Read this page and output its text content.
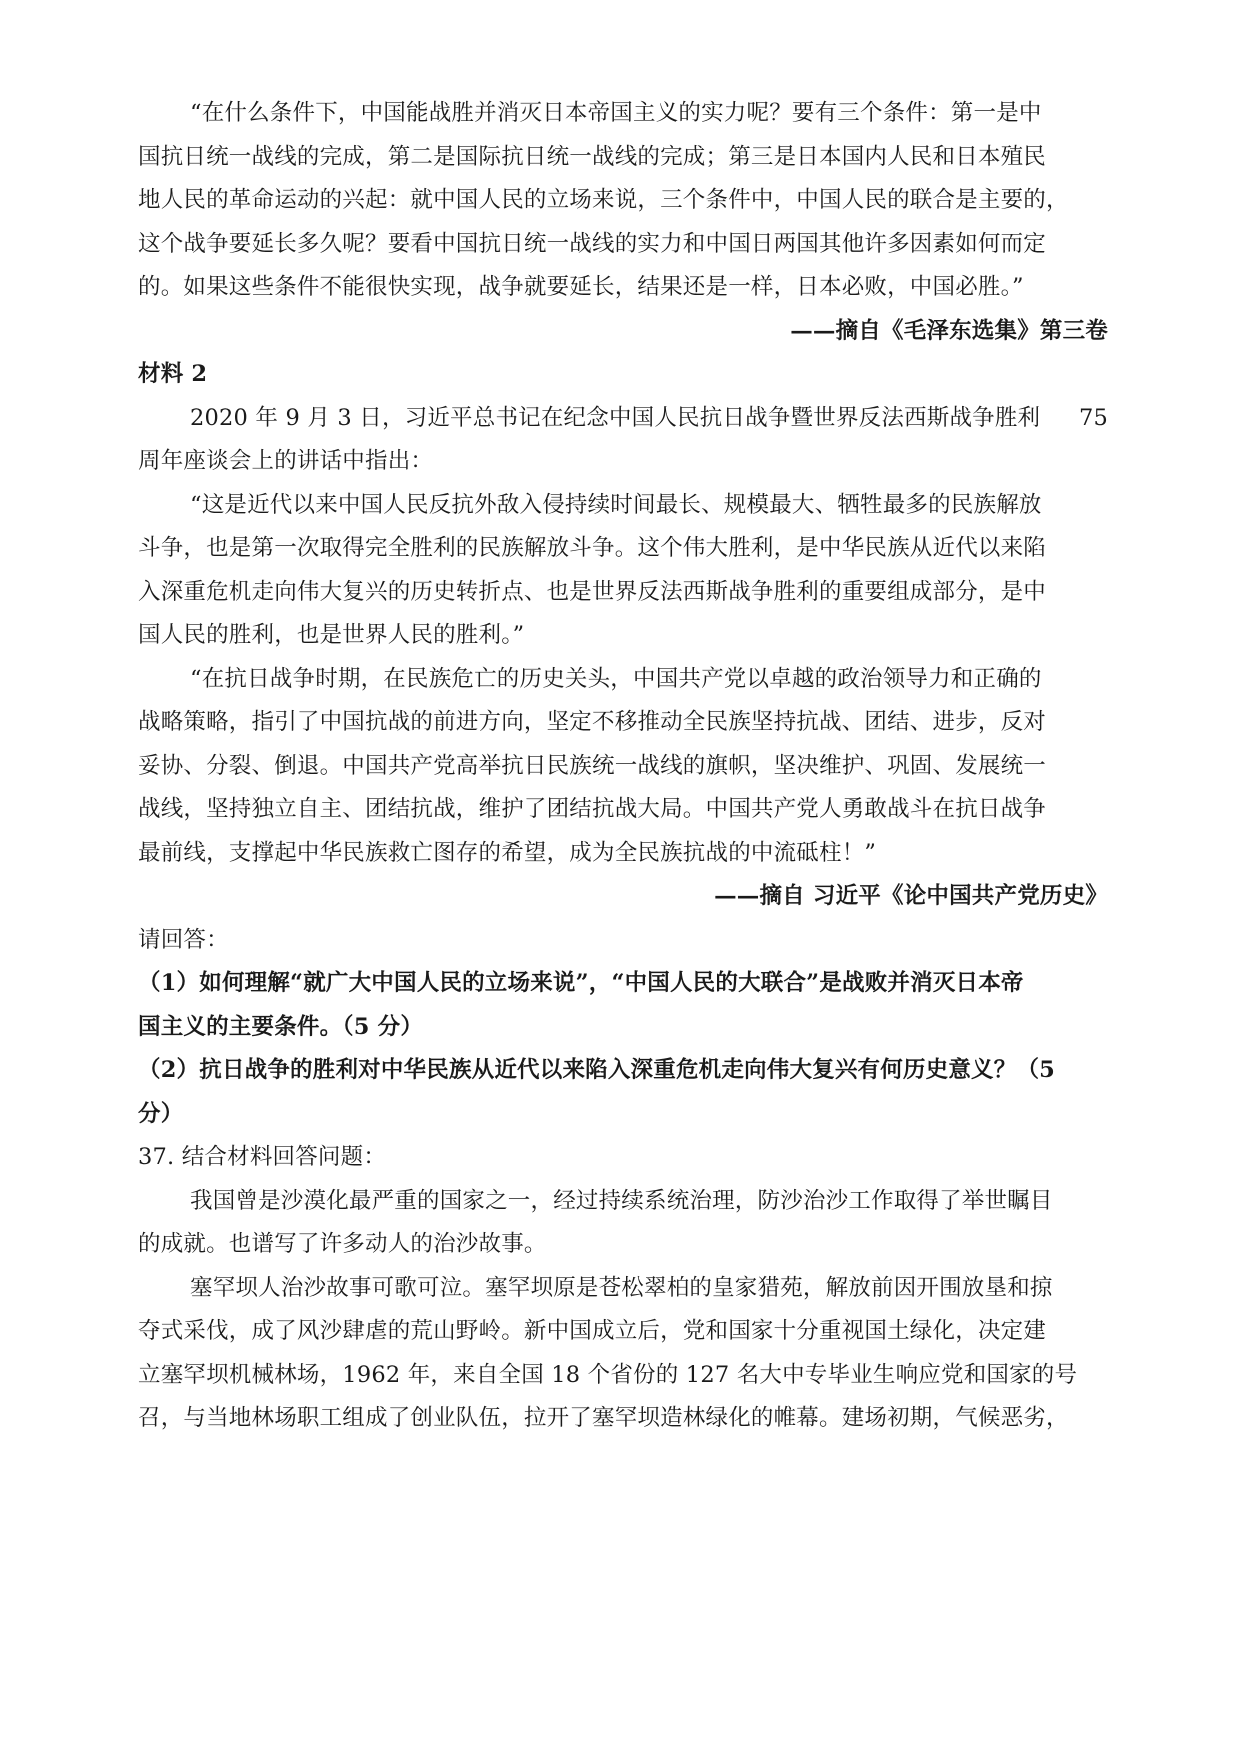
“在什么条件下，中国能战胜并消灭日本帝国主义的实力呢？要有三个条件：第一是中
国抗日统一战线的完成，第二是国际抗日统一战线的完成；第三是日本国内人民和日本殖民
地人民的革命运动的兴起：就中国人民的立场来说，三个条件中，中国人民的联合是主要的，
这个战争要延长多久呢？要看中国抗日统一战线的实力和中国日两国其他许多因素如何而定
的。如果这些条件不能很快实现，战争就要延长，结果还是一样，日本必败，中国必胜。”
——摘自《毛泽东选集》第三卷
材料 2
2020 年 9 月 3 日，习近平总书记在纪念中国人民抗日战争暨世界反法西斯战争胜利 75
周年座谈会上的讲话中指出：
“这是近代以来中国人民反抗外敌入侵持续时间最长、规模最大、牺牲最多的民族解放
斗争，也是第一次取得完全胜利的民族解放斗争。这个伟大胜利，是中华民族从近代以来陷
入深重危机走向伟大复兴的历史转折点、也是世界反法西斯战争胜利的重要组成部分，是中
国人民的胜利，也是世界人民的胜利。”
“在抗日战争时期，在民族危亡的历史关头，中国共产党以卓越的政治领导力和正确的
战略策略，指引了中国抗战的前进方向，坚定不移推动全民族坚持抗战、团结、进步，反对
妥协、分裂、倒退。中国共产党高举抗日民族统一战线的旗帜，坚决维护、巩固、发展统一
战线，坚持独立自主、团结抗战，维护了团结抗战大局。中国共产党人勇敢战斗在抗日战争
最前线，支撑起中华民族救亡图存的希望，成为全民族抗战的中流砥柱！”
——摘自 习近平《论中国共产党历史》
请回答：
（1）如何理解“就广大中国人民的立场来说”，“中国人民的大联合”是战败并消灭日本帝
国主义的主要条件。（5 分）
（2）抗日战争的胜利对中华民族从近代以来陷入深重危机走向伟大复兴有何历史意义？（5
分）
37. 结合材料回答问题：
我国曾是沙漠化最严重的国家之一，经过持续系统治理，防沙治沙工作取得了举世瞩目
的成就。也谱写了许多动人的治沙故事。
塞罕坝人治沙故事可歌可泣。塞罕坝原是苍松翠柏的皇家猎苑，解放前因开围放垦和掠
夺式采伐，成了风沙肆虐的荒山野岭。新中国成立后，党和国家十分重视国土绿化，决定建
立塞罕坝机械林场，1962 年，来自全国 18 个省份的 127 名大中专毕业生响应党和国家的号
召，与当地林场职工组成了创业队伍，拉开了塞罕坝造林绿化的帷幕。建场初期，气候恶劣，
